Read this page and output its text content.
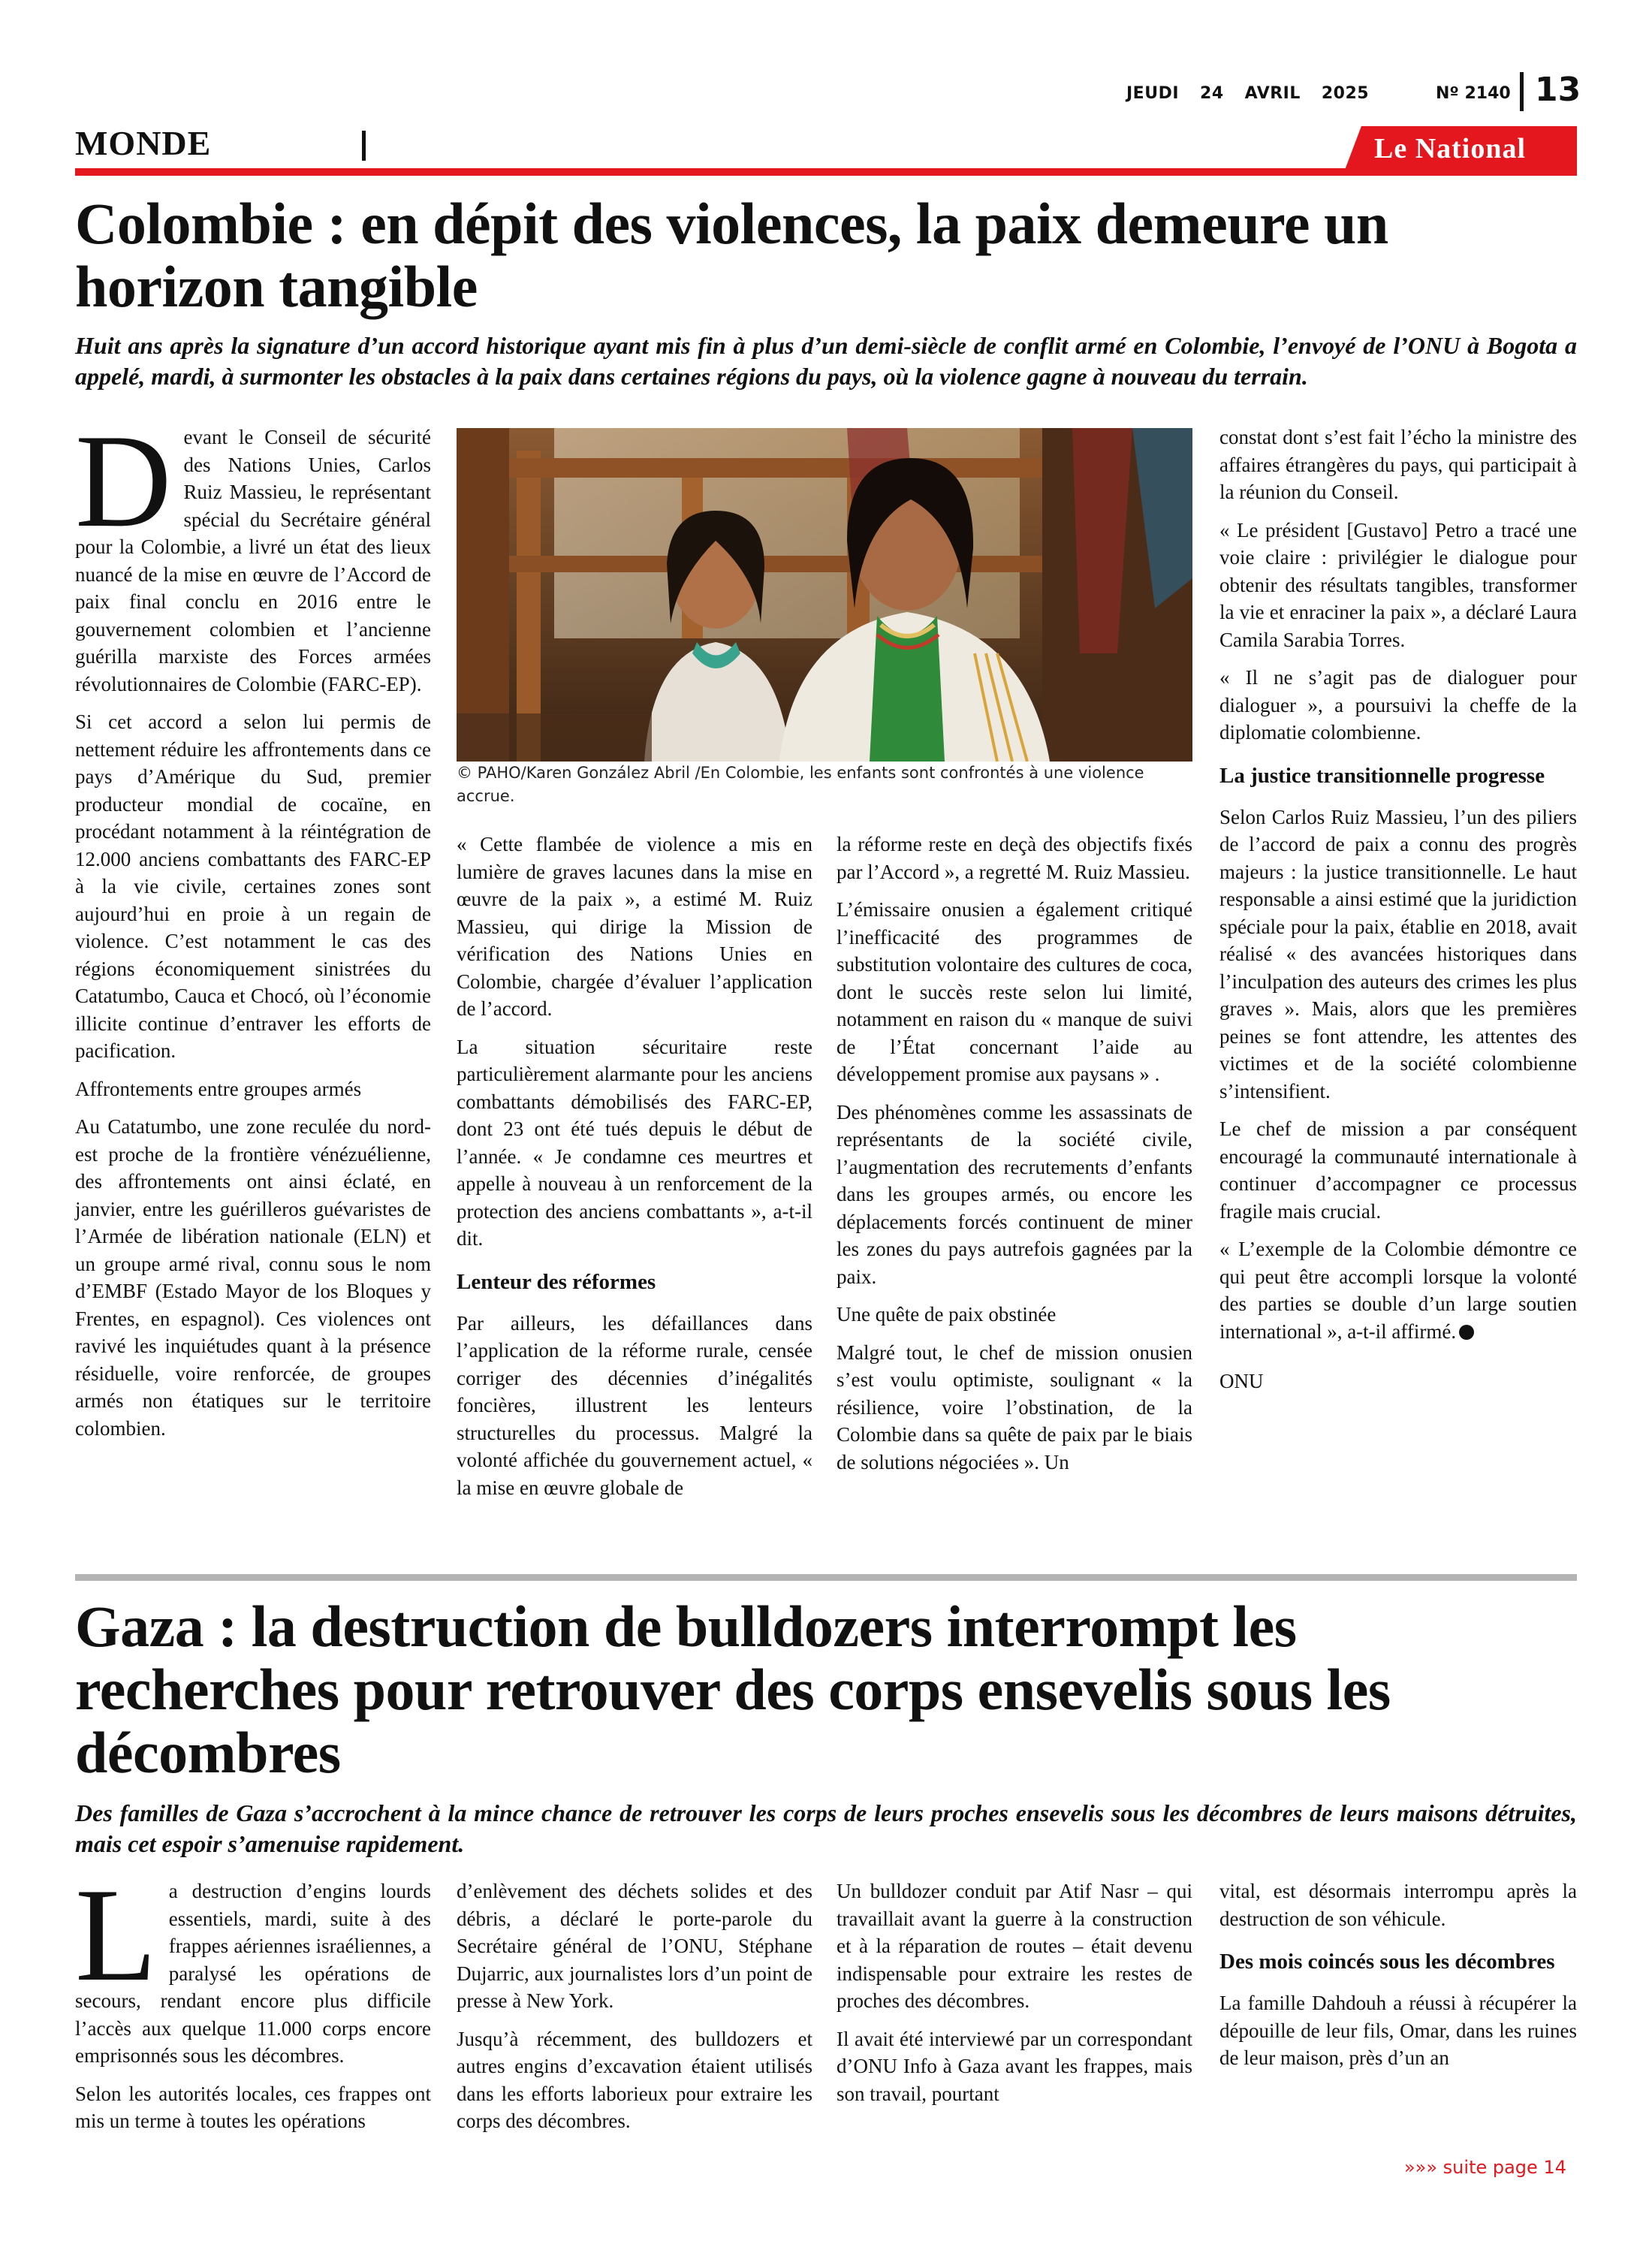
JEUDI 24 AVRIL 2025	Nº 2140 13
MONDE	Le National
Colombie : en dépit des violences, la paix demeure un
horizon tangible

Huit ans après la signature d’un accord historique ayant mis fin à plus d’un demi-siècle de conflit armé en Colombie, l’envoyé de l’ONU à Bogota a appelé, mardi, à surmonter les obstacles à la paix dans certaines régions du pays, où la violence gagne à nouveau du terrain.

Devant le Conseil de sécurité des Nations Unies, Carlos Ruiz Massieu, le représentant spécial du Secrétaire général pour la Colombie, a livré un état des lieux nuancé de la mise en œuvre de l’Accord de paix final conclu en 2016 entre le gouvernement colombien et l’ancienne guérilla marxiste des Forces armées révolutionnaires de Colombie (FARC-EP).

Si cet accord a selon lui permis de nettement réduire les affrontements dans ce pays d’Amérique du Sud, premier producteur mondial de cocaïne, en procédant notamment à la réintégration de 12.000 anciens combattants des FARC-EP à la vie civile, certaines zones sont aujourd’hui en proie à un regain de violence. C’est notamment le cas des régions économiquement sinistrées du Catatumbo, Cauca et Chocó, où l’économie illicite continue d’entraver les efforts de pacification.

Affrontements entre groupes armés

Au Catatumbo, une zone reculée du nord-est proche de la frontière vénézuélienne, des affrontements ont ainsi éclaté, en janvier, entre les guérilleros guévaristes de l’Armée de libération nationale (ELN) et un groupe armé rival, connu sous le nom d’EMBF (Estado Mayor de los Bloques y Frentes, en espagnol). Ces violences ont ravivé les inquiétudes quant à la présence résiduelle, voire renforcée, de groupes armés non étatiques sur le territoire colombien.

© PAHO/Karen González Abril /En Colombie, les enfants sont confrontés à une violence accrue.

« Cette flambée de violence a mis en lumière de graves lacunes dans la mise en œuvre de la paix », a estimé M. Ruiz Massieu, qui dirige la Mission de vérification des Nations Unies en Colombie, chargée d’évaluer l’application de l’accord.

La situation sécuritaire reste particulièrement alarmante pour les anciens combattants démobilisés des FARC-EP, dont 23 ont été tués depuis le début de l’année. « Je condamne ces meurtres et appelle à nouveau à un renforcement de la protection des anciens combattants », a-t-il dit.

Lenteur des réformes

Par ailleurs, les défaillances dans l’application de la réforme rurale, censée corriger des décennies d’inégalités foncières, illustrent les lenteurs structurelles du processus. Malgré la volonté affichée du gouvernement actuel, « la mise en œuvre globale de

la réforme reste en deçà des objectifs fixés par l’Accord », a regretté M. Ruiz Massieu.

L’émissaire onusien a également critiqué l’inefficacité des programmes de substitution volontaire des cultures de coca, dont le succès reste selon lui limité, notamment en raison du « manque de suivi de l’État concernant l’aide au développement promise aux paysans » .

Des phénomènes comme les assassinats de représentants de la société civile, l’augmentation des recrutements d’enfants dans les groupes armés, ou encore les déplacements forcés continuent de miner les zones du pays autrefois gagnées par la paix.

Une quête de paix obstinée

Malgré tout, le chef de mission onusien s’est voulu optimiste, soulignant « la résilience, voire l’obstination, de la Colombie dans sa quête de paix par le biais de solutions négociées ». Un

constat dont s’est fait l’écho la ministre des affaires étrangères du pays, qui participait à la réunion du Conseil.

« Le président [Gustavo] Petro a tracé une voie claire : privilégier le dialogue pour obtenir des résultats tangibles, transformer la vie et enraciner la paix », a déclaré Laura Camila Sarabia Torres.

« Il ne s’agit pas de dialoguer pour dialoguer », a poursuivi la cheffe de la diplomatie colombienne.

La justice transitionnelle progresse

Selon Carlos Ruiz Massieu, l’un des piliers de l’accord de paix a connu des progrès majeurs : la justice transitionnelle. Le haut responsable a ainsi estimé que la juridiction spéciale pour la paix, établie en 2018, avait réalisé « des avancées historiques dans l’inculpation des auteurs des crimes les plus graves ». Mais, alors que les premières peines se font attendre, les attentes des victimes et de la société colombienne s’intensifient.

Le chef de mission a par conséquent encouragé la communauté internationale à continuer d’accompagner ce processus fragile mais crucial.

« L’exemple de la Colombie démontre ce qui peut être accompli lorsque la volonté des parties se double d’un large soutien international », a-t-il affirmé.

ONU

Gaza : la destruction de bulldozers interrompt les
recherches pour retrouver des corps ensevelis sous les
décombres

Des familles de Gaza s’accrochent à la mince chance de retrouver les corps de leurs proches ensevelis sous les décombres de leurs maisons détruites, mais cet espoir s’amenuise rapidement.

La destruction d’engins lourds essentiels, mardi, suite à des frappes aériennes israéliennes, a paralysé les opérations de secours, rendant encore plus difficile l’accès aux quelque 11.000 corps encore emprisonnés sous les décombres.

Selon les autorités locales, ces frappes ont mis un terme à toutes les opérations

d’enlèvement des déchets solides et des débris, a déclaré le porte-parole du Secrétaire général de l’ONU, Stéphane Dujarric, aux journalistes lors d’un point de presse à New York.

Jusqu’à récemment, des bulldozers et autres engins d’excavation étaient utilisés dans les efforts laborieux pour extraire les corps des décombres.

Un bulldozer conduit par Atif Nasr – qui travaillait avant la guerre à la construction et à la réparation de routes – était devenu indispensable pour extraire les restes de proches des décombres.

Il avait été interviewé par un correspondant d’ONU Info à Gaza avant les frappes, mais son travail, pourtant

vital, est désormais interrompu après la destruction de son véhicule.

Des mois coincés sous les décombres

La famille Dahdouh a réussi à récupérer la dépouille de leur fils, Omar, dans les ruines de leur maison, près d’un an

»»» suite page 14
